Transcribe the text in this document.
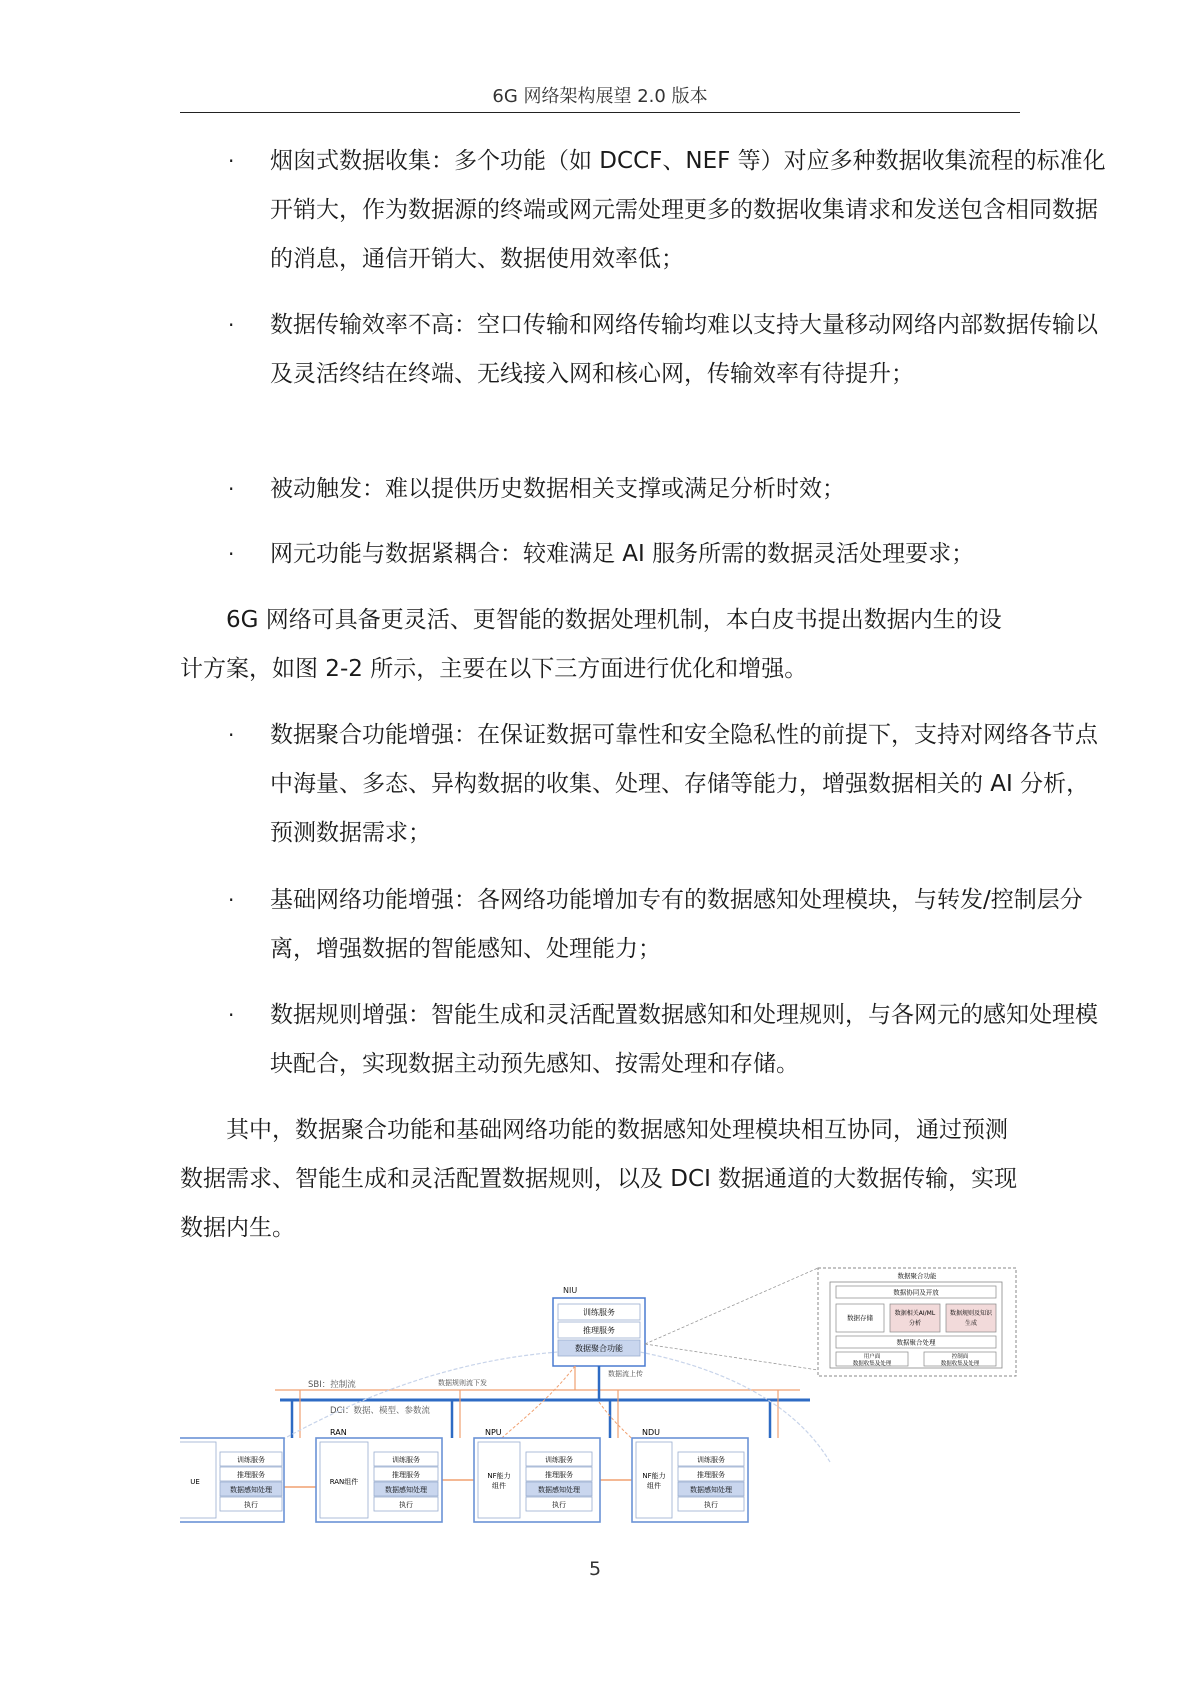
6G 网络架构展望 2.0 版本
· 烟囱式数据收集：多个功能（如 DCCF、NEF 等）对应多种数据收集流程的标准化开销大，作为数据源的终端或网元需处理更多的数据收集请求和发送包含相同数据的消息，通信开销大、数据使用效率低；
· 数据传输效率不高：空口传输和网络传输均难以支持大量移动网络内部数据传输以及灵活终结在终端、无线接入网和核心网，传输效率有待提升；
· 被动触发：难以提供历史数据相关支撑或满足分析时效；
· 网元功能与数据紧耦合：较难满足 AI 服务所需的数据灵活处理要求；
6G 网络可具备更灵活、更智能的数据处理机制，本白皮书提出数据内生的设计方案，如图 2-2 所示，主要在以下三方面进行优化和增强。
· 数据聚合功能增强：在保证数据可靠性和安全隐私性的前提下，支持对网络各节点中海量、多态、异构数据的收集、处理、存储等能力，增强数据相关的 AI 分析，预测数据需求；
· 基础网络功能增强：各网络功能增加专有的数据感知处理模块，与转发/控制层分离，增强数据的智能感知、处理能力；
· 数据规则增强：智能生成和灵活配置数据感知和处理规则，与各网元的感知处理模块配合，实现数据主动预先感知、按需处理和存储。
其中，数据聚合功能和基础网络功能的数据感知处理模块相互协同，通过预测数据需求、智能生成和灵活配置数据规则，以及 DCI 数据通道的大数据传输，实现数据内生。
NIU
训练服务
推理服务
数据聚合功能
数据聚合功能
数据协同及开放
数据存储
数据相关AI/ML
分析
数据规则及知识
生成
数据聚合处理
用户面
数据收集及处理
控制面
数据收集及处理
SBI：控制流	数据规则流下发
数据流上传
DCI：数据、模型、参数流
UE
训练服务
推理服务
数据感知处理
执行
RAN
RAN组件
训练服务
推理服务
数据感知处理
执行
NPU
NF能力
组件
训练服务
推理服务
数据感知处理
执行
NDU
NF能力
组件
训练服务
推理服务
数据感知处理
执行
5
